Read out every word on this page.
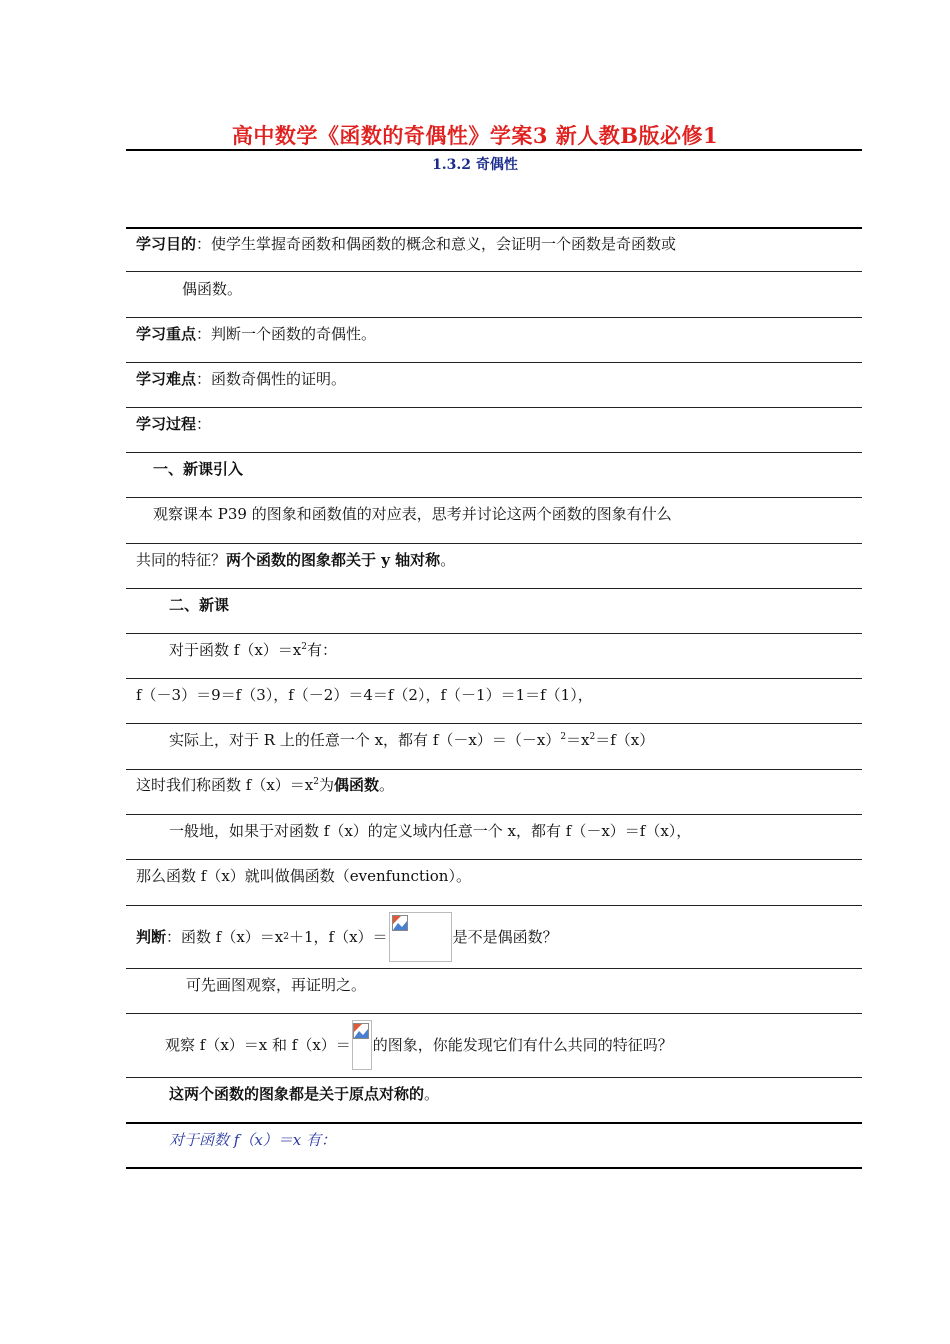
高中数学《函数的奇偶性》学案3 新人教B版必修1
1.3.2 奇偶性
学习目的：使学生掌握奇函数和偶函数的概念和意义，会证明一个函数是奇函数或
偶函数。
学习重点：判断一个函数的奇偶性。
学习难点：函数奇偶性的证明。
学习过程：
一、新课引入
观察课本 P39 的图象和函数值的对应表，思考并讨论这两个函数的图象有什么
共同的特征？两个函数的图象都关于 y 轴对称。
二、新课
对于函数 $f(x)=x^2$有：
f（－3）＝9＝f（3），f（－2）＝4＝f（2），f（－1）＝1＝f（1），
实际上，对于 R 上的任意一个 x，都有 $f(-x)=(-x)^2=x^2=f(x)$
这时我们称函数 $f(x)=x^2$为偶函数。
一般地，如果于对函数 f（x）的定义域内任意一个 x，都有 f（－x）＝f（x），
那么函数 f（x）就叫做偶函数（evenfunction）。
判断 ：函数 f（x）＝x 2 ＋1，f（x）＝	是不是偶函数？
可先画图观察，再证明之。
观察 f（x）＝x 和 f（x）＝ 的图象，你能发现它们有什么共同的特征吗？
这两个函数的图象都是关于原点对称的。
对于函数 f（x）＝x 有：
